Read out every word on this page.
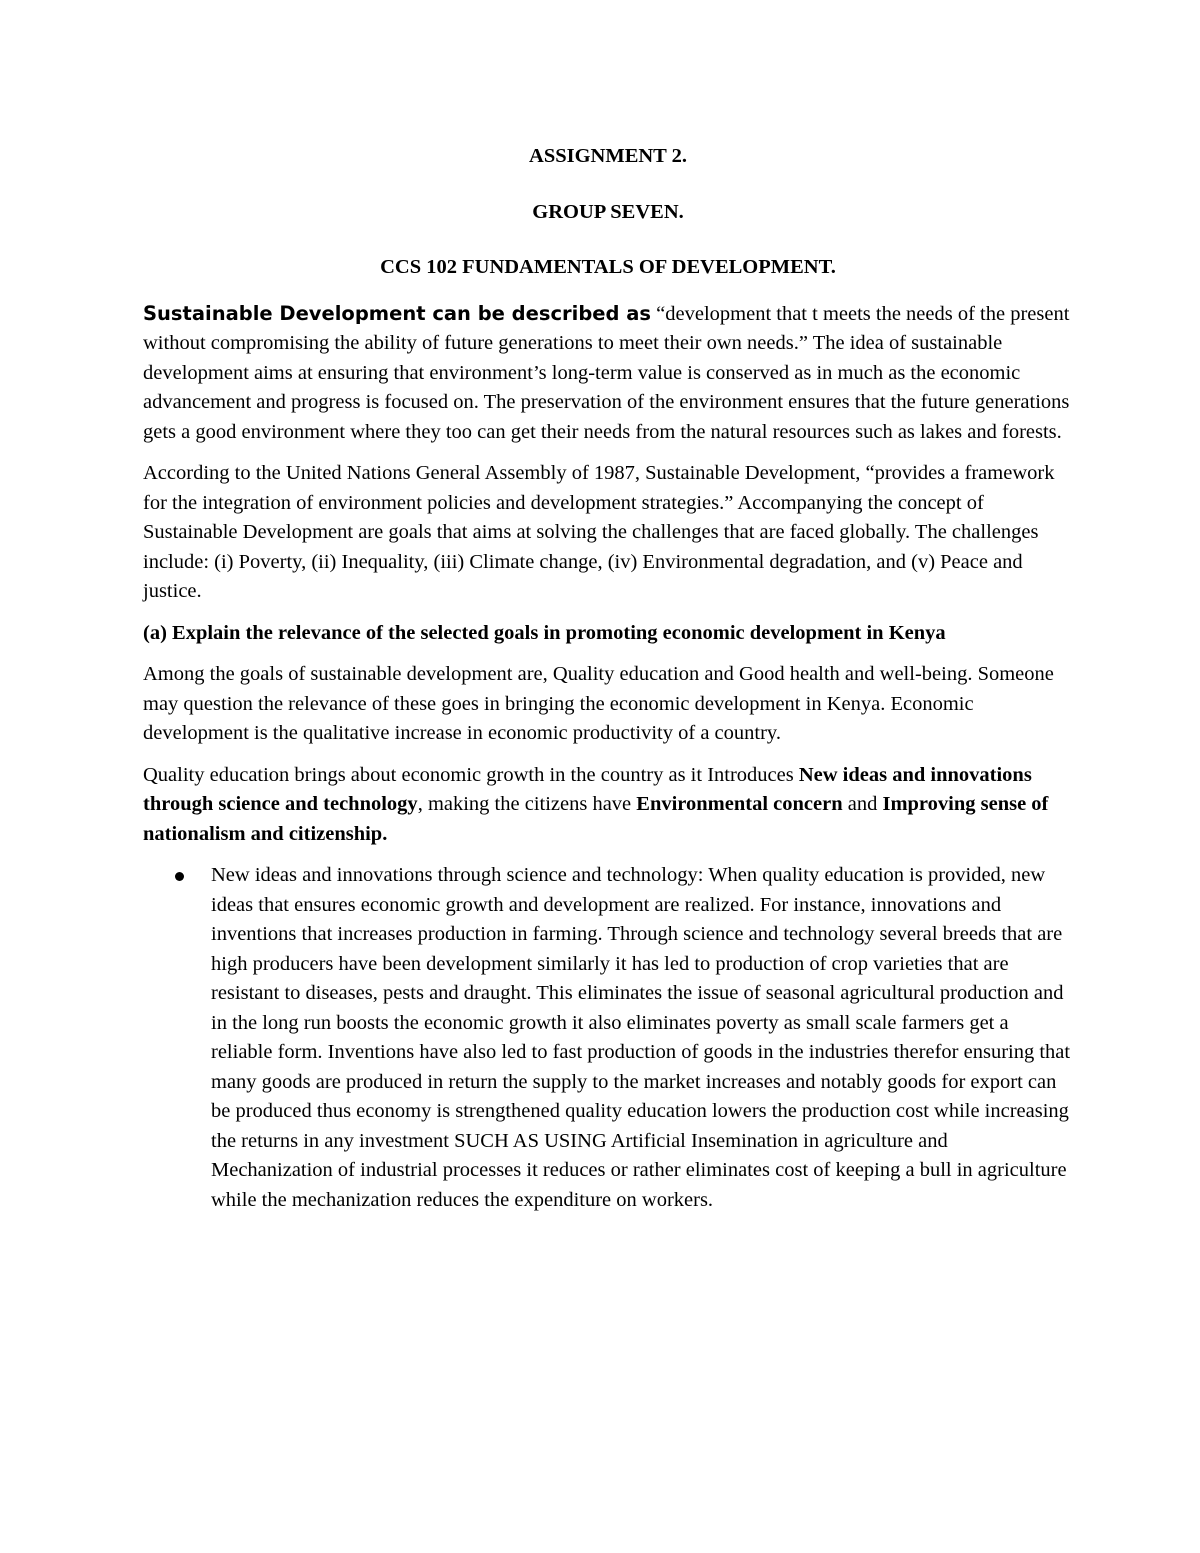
ASSIGNMENT 2.

GROUP SEVEN.

CCS 102 FUNDAMENTALS OF DEVELOPMENT.

Sustainable Development can be described as “development that t meets the needs of the present without compromising the ability of future generations to meet their own needs.” The idea of sustainable development aims at ensuring that environment’s long-term value is conserved as in much as the economic advancement and progress is focused on. The preservation of the environment ensures that the future generations gets a good environment where they too can get their needs from the natural resources such as lakes and forests.

According to the United Nations General Assembly of 1987, Sustainable Development, “provides a framework for the integration of environment policies and development strategies.” Accompanying the concept of Sustainable Development are goals that aims at solving the challenges that are faced globally. The challenges include: (i) Poverty, (ii) Inequality, (iii) Climate change, (iv) Environmental degradation, and (v) Peace and justice.

(a) Explain the relevance of the selected goals in promoting economic development in Kenya

Among the goals of sustainable development are, Quality education and Good health and well-being. Someone may question the relevance of these goes in bringing the economic development in Kenya. Economic development is the qualitative increase in economic productivity of a country.

Quality education brings about economic growth in the country as it Introduces New ideas and innovations through science and technology, making the citizens have Environmental concern and Improving sense of nationalism and citizenship.

New ideas and innovations through science and technology: When quality education is provided, new ideas that ensures economic growth and development are realized. For instance, innovations and inventions that increases production in farming. Through science and technology several breeds that are high producers have been development similarly it has led to production of crop varieties that are resistant to diseases, pests and draught. This eliminates the issue of seasonal agricultural production and in the long run boosts the economic growth it also eliminates poverty as small scale farmers get a reliable form. Inventions have also led to fast production of goods in the industries therefor ensuring that many goods are produced in return the supply to the market increases and notably goods for export can be produced thus economy is strengthened quality education lowers the production cost while increasing the returns in any investment SUCH AS USING Artificial Insemination in agriculture and Mechanization of industrial processes it reduces or rather eliminates cost of keeping a bull in agriculture while the mechanization reduces the expenditure on workers.
